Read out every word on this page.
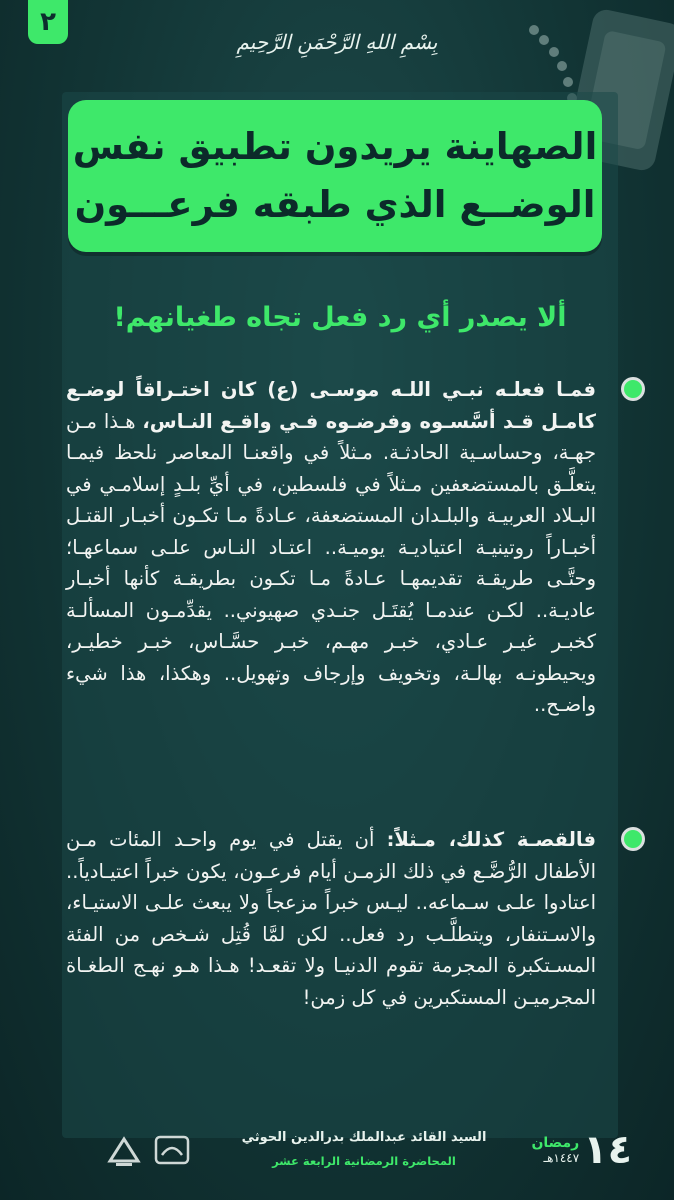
٢
بِسْمِ اللهِ الرَّحْمَنِ الرَّحِيمِ
الصهاينة يريدون تطبيق نفس
الوضــع الذي طبقه فرعـــون
ألا يصدر أي رد فعل تجاه طغيانهم!
فمـا فعلـه نبـي اللـه موسـى (ع) كان اختـراقاً لوضـع كامـل قـد أسَّسـوه وفرضـوه فـي واقـع النـاس، هـذا مـن جهـة، وحساسـية الحادثـة. مـثلاً في واقعنـا المعاصر نلحظ فيمـا يتعلَّـق بالمستضعفين مـثلاً في فلسطين، في أيِّ بلـدٍ إسلامـي في البـلاد العربيـة والبلـدان المستضعفة، عـادةً مـا تكـون أخبـار القتـل أخبـاراً روتينيـة اعتياديـة يوميـة.. اعتـاد النـاس علـى سماعهـا؛ وحتَّـى طريقـة تقديمهـا عـادةً مـا تكـون بطريقـة كأنها أخبـار عاديـة.. لكـن عندمـا يُقتَـل جنـدي صهيوني.. يقدِّمـون المسألـة كخبـر غيـر عـادي، خبـر مهـم، خبـر حسَّـاس، خبـر خطيـر، ويحيطونـه بهالـة، وتخويف وإرجاف وتهويل.. وهكذا، هذا شيء واضـح..
فالقصـة كذلك، مـثلاً: أن يقتل في يوم واحـد المئات مـن الأطفال الرُّضَّـع في ذلك الزمـن أيام فرعـون، يكون خبراً اعتيـادياً.. اعتادوا علـى سـماعه.. ليـس خبراً مزعجاً ولا يبعث علـى الاستيـاء، والاسـتنفار، ويتطلَّـب رد فعل.. لكن لمَّا قُتِل شـخص من الفئة المسـتكبرة المجرمة تقوم الدنيـا ولا تقعـد! هـذا هـو نهـج الطغـاة المجرميـن المستكبرين في كل زمن!
١٤
رمضان
١٤٤٧هـ
السيد القائد عبدالملك بدرالدين الحوثي
المحاضرة الرمضانية الرابعة عشر
